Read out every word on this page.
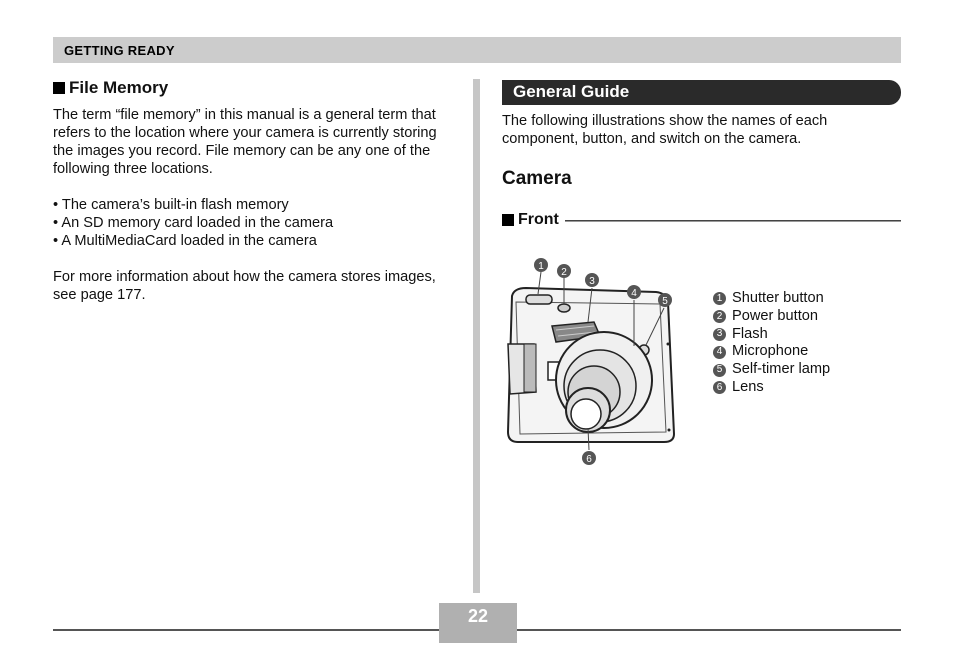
GETTING READY
File Memory

The term “file memory” in this manual is a general term that refers to the location where your camera is currently storing the images you record. File memory can be any one of the following three locations.

• The camera’s built-in flash memory
• An SD memory card loaded in the camera
• A MultiMediaCard loaded in the camera

For more information about how the camera stores images, see page 177.

General Guide

The following illustrations show the names of each component, button, and switch on the camera.

Camera
Front
1
2
3
4
5
6
1 Shutter button
2 Power button
3 Flash
4 Microphone
5 Self-timer lamp
6 Lens
22
